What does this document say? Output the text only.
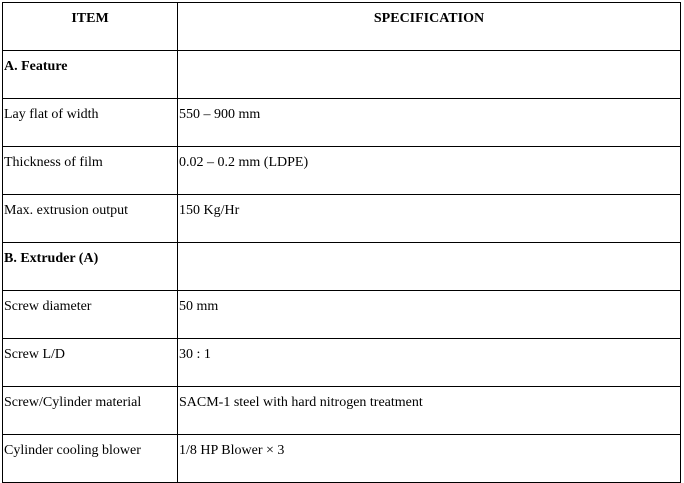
ITEM	SPECIFICATION
A. Feature	
Lay flat of width	550 – 900 mm
Thickness of film	0.02 – 0.2 mm (LDPE)
Max. extrusion output	150 Kg/Hr
B. Extruder (A)	
Screw diameter	50 mm
Screw L/D	30 : 1
Screw/Cylinder material	SACM-1 steel with hard nitrogen treatment
Cylinder cooling blower	1/8 HP Blower × 3
